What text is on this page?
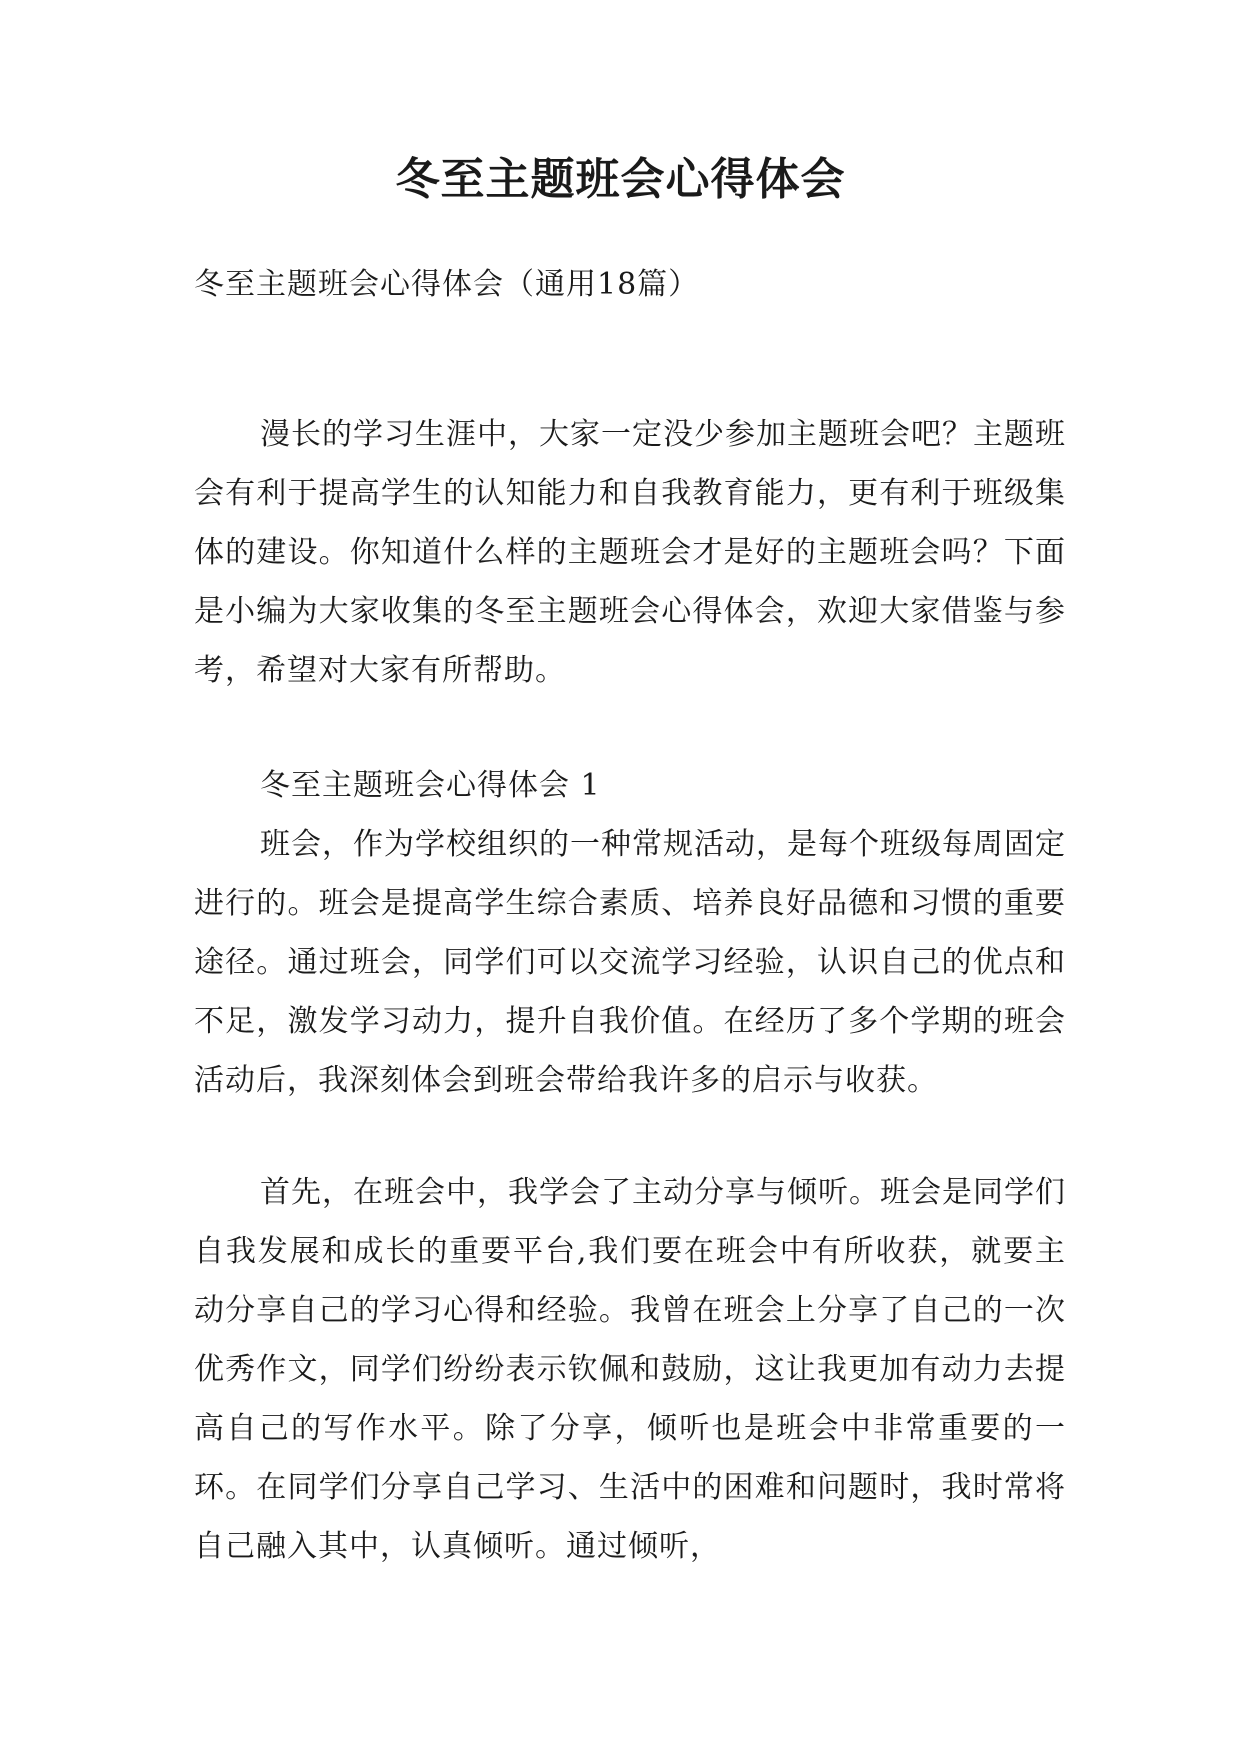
冬至主题班会心得体会
冬至主题班会心得体会（通用18篇）

漫长的学习生涯中，大家一定没少参加主题班会吧？主题班会有利于提高学生的认知能力和自我教育能力，更有利于班级集体的建设。你知道什么样的主题班会才是好的主题班会吗？下面是小编为大家收集的冬至主题班会心得体会，欢迎大家借鉴与参考，希望对大家有所帮助。

冬至主题班会心得体会 1

班会，作为学校组织的一种常规活动，是每个班级每周固定进行的。班会是提高学生综合素质、培养良好品德和习惯的重要途径。通过班会，同学们可以交流学习经验，认识自己的优点和不足，激发学习动力，提升自我价值。在经历了多个学期的班会活动后，我深刻体会到班会带给我许多的启示与收获。

首先，在班会中，我学会了主动分享与倾听。班会是同学们自我发展和成长的重要平台,我们要在班会中有所收获，就要主动分享自己的学习心得和经验。我曾在班会上分享了自己的一次优秀作文，同学们纷纷表示钦佩和鼓励，这让我更加有动力去提高自己的写作水平。除了分享，倾听也是班会中非常重要的一环。在同学们分享自己学习、生活中的困难和问题时，我时常将自己融入其中，认真倾听。通过倾听，
